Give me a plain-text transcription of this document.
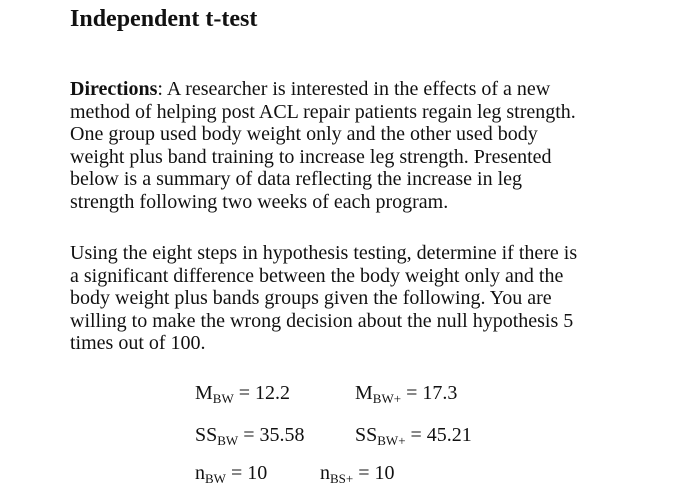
Independent t-test

Directions: A researcher is interested in the effects of a new
method of helping post ACL repair patients regain leg strength.
One group used body weight only and the other used body
weight plus band training to increase leg strength. Presented
below is a summary of data reflecting the increase in leg
strength following two weeks of each program.

Using the eight steps in hypothesis testing, determine if there is
a significant difference between the body weight only and the
body weight plus bands groups given the following. You are
willing to make the wrong decision about the null hypothesis 5
times out of 100.

$M_{BW} = 12.2$	$M_{BW+} = 17.3$
$SS_{BW} = 35.58$	$SS_{BW+} = 45.21$
$n_{BW} = 10$	$n_{BS+} = 10$
